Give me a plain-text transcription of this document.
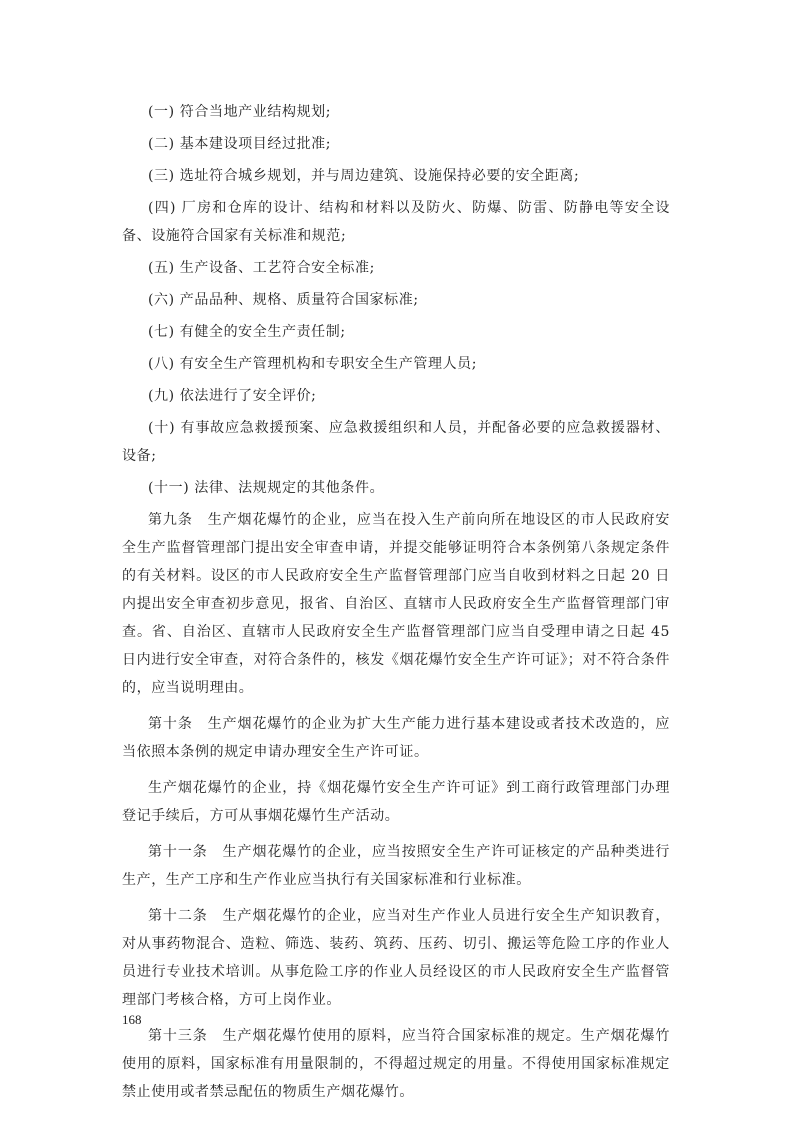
(一) 符合当地产业结构规划;

(二) 基本建设项目经过批准;

(三) 选址符合城乡规划，并与周边建筑、设施保持必要的安全距离;

(四) 厂房和仓库的设计、结构和材料以及防火、防爆、防雷、防静电等安全设备、设施符合国家有关标准和规范;

(五) 生产设备、工艺符合安全标准;

(六) 产品品种、规格、质量符合国家标准;

(七) 有健全的安全生产责任制;

(八) 有安全生产管理机构和专职安全生产管理人员;

(九) 依法进行了安全评价;

(十) 有事故应急救援预案、应急救援组织和人员，并配备必要的应急救援器材、设备;

(十一) 法律、法规规定的其他条件。

第九条　生产烟花爆竹的企业，应当在投入生产前向所在地设区的市人民政府安全生产监督管理部门提出安全审查申请，并提交能够证明符合本条例第八条规定条件的有关材料。设区的市人民政府安全生产监督管理部门应当自收到材料之日起 20 日内提出安全审查初步意见，报省、自治区、直辖市人民政府安全生产监督管理部门审查。省、自治区、直辖市人民政府安全生产监督管理部门应当自受理申请之日起 45 日内进行安全审查，对符合条件的，核发《烟花爆竹安全生产许可证》；对不符合条件的，应当说明理由。

第十条　生产烟花爆竹的企业为扩大生产能力进行基本建设或者技术改造的，应当依照本条例的规定申请办理安全生产许可证。

生产烟花爆竹的企业，持《烟花爆竹安全生产许可证》到工商行政管理部门办理登记手续后，方可从事烟花爆竹生产活动。

第十一条　生产烟花爆竹的企业，应当按照安全生产许可证核定的产品种类进行生产，生产工序和生产作业应当执行有关国家标准和行业标准。

第十二条　生产烟花爆竹的企业，应当对生产作业人员进行安全生产知识教育，对从事药物混合、造粒、筛选、装药、筑药、压药、切引、搬运等危险工序的作业人员进行专业技术培训。从事危险工序的作业人员经设区的市人民政府安全生产监督管理部门考核合格，方可上岗作业。

第十三条　生产烟花爆竹使用的原料，应当符合国家标准的规定。生产烟花爆竹使用的原料，国家标准有用量限制的，不得超过规定的用量。不得使用国家标准规定禁止使用或者禁忌配伍的物质生产烟花爆竹。

168
